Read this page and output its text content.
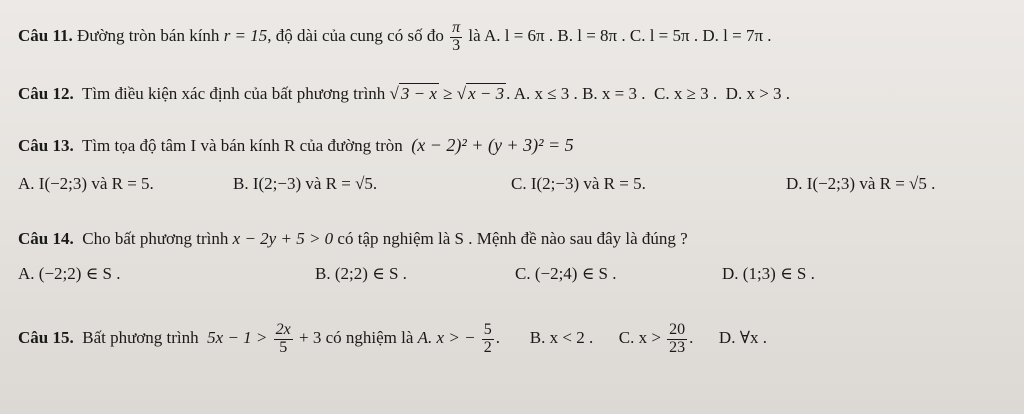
Câu 11. Đường tròn bán kính r = 15, độ dài của cung có số đo $\frac{\pi}{3}$ là A. l = 6π . B. l = 8π . C. l = 5π . D. l = 7π .
Câu 12. Tìm điều kiện xác định của bất phương trình √ 3 − x ≥ √ x − 3 . A. x ≤ 3 . B. x = 3 . C. x ≥ 3 . D. x > 3 .
Câu 13. Tìm tọa độ tâm I và bán kính R của đường tròn (x − 2)² + (y + 3)² = 5
A. I(−2;3) và R = 5.	B. I(2;−3) và R = √5.	C. I(2;−3) và R = 5.	D. I(−2;3) và R = √5 .
Câu 14. Cho bất phương trình x − 2y + 5 > 0 có tập nghiệm là S . Mệnh đề nào sau đây là đúng ?
A. (−2;2) ∈ S .	B. (2;2) ∈ S .	C. (−2;4) ∈ S .	D. (1;3) ∈ S .
Câu 15. Bất phương trình $5x - 1 > \frac{2x}{5} + 3$ có nghiệm là A. x > − $\frac{5}{2}$ .       B. x < 2 . C. $x > \frac{20}{23}$ .      D. ∀x .
